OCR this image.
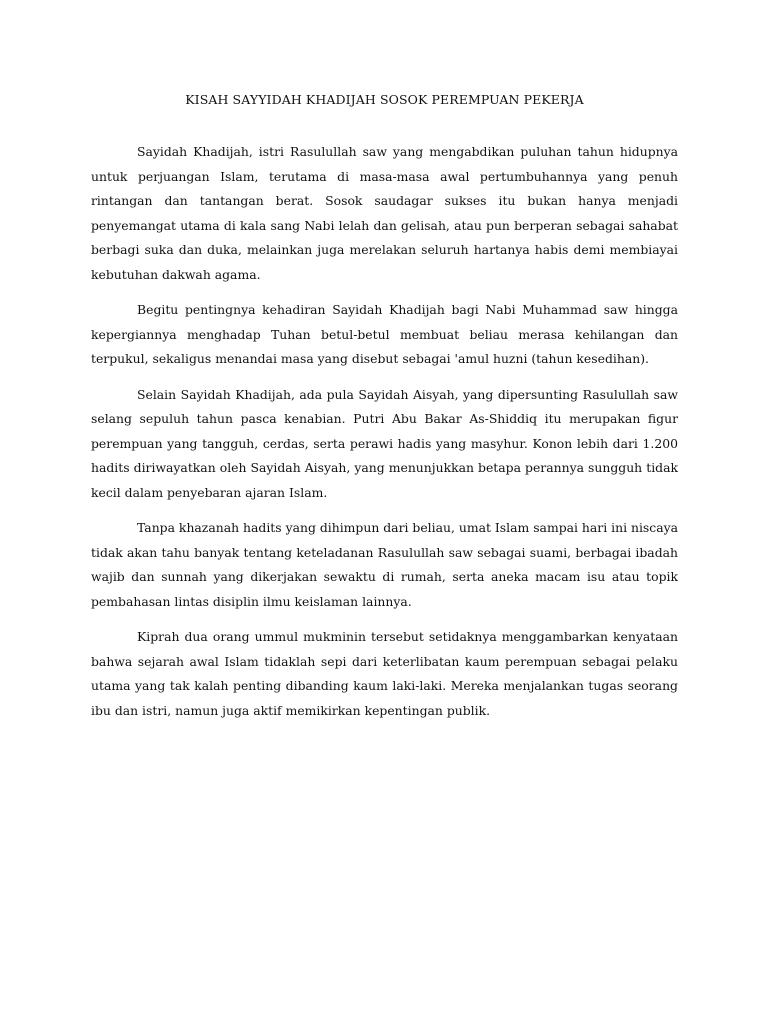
KISAH SAYYIDAH KHADIJAH SOSOK PEREMPUAN PEKERJA

Sayidah Khadijah, istri Rasulullah saw yang mengabdikan puluhan tahun hidupnya untuk perjuangan Islam, terutama di masa-masa awal pertumbuhannya yang penuh rintangan dan tantangan berat. Sosok saudagar sukses itu bukan hanya menjadi penyemangat utama di kala sang Nabi lelah dan gelisah, atau pun berperan sebagai sahabat berbagi suka dan duka, melainkan juga merelakan seluruh hartanya habis demi membiayai kebutuhan dakwah agama.

Begitu pentingnya kehadiran Sayidah Khadijah bagi Nabi Muhammad saw hingga kepergiannya menghadap Tuhan betul-betul membuat beliau merasa kehilangan dan terpukul, sekaligus menandai masa yang disebut sebagai 'amul huzni (tahun kesedihan).

Selain Sayidah Khadijah, ada pula Sayidah Aisyah, yang dipersunting Rasulullah saw selang sepuluh tahun pasca kenabian. Putri Abu Bakar As-Shiddiq itu merupakan figur perempuan yang tangguh, cerdas, serta perawi hadis yang masyhur. Konon lebih dari 1.200 hadits diriwayatkan oleh Sayidah Aisyah, yang menunjukkan betapa perannya sungguh tidak kecil dalam penyebaran ajaran Islam.

Tanpa khazanah hadits yang dihimpun dari beliau, umat Islam sampai hari ini niscaya tidak akan tahu banyak tentang keteladanan Rasulullah saw sebagai suami, berbagai ibadah wajib dan sunnah yang dikerjakan sewaktu di rumah, serta aneka macam isu atau topik pembahasan lintas disiplin ilmu keislaman lainnya.

Kiprah dua orang ummul mukminin tersebut setidaknya menggambarkan kenyataan bahwa sejarah awal Islam tidaklah sepi dari keterlibatan kaum perempuan sebagai pelaku utama yang tak kalah penting dibanding kaum laki-laki. Mereka menjalankan tugas seorang ibu dan istri, namun juga aktif memikirkan kepentingan publik.
